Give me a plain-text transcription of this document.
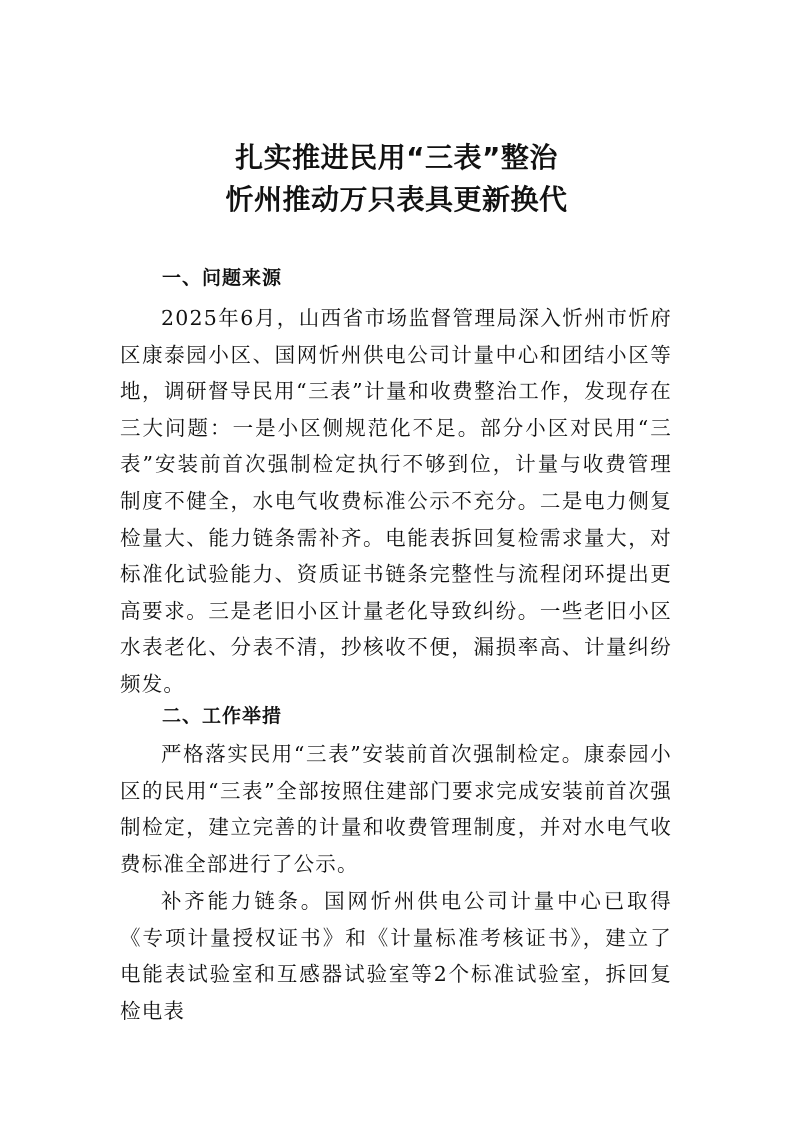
扎实推进民用“三表”整治
忻州推动万只表具更新换代
一、问题来源

2025年6月，山西省市场监督管理局深入忻州市忻府区康泰园小区、国网忻州供电公司计量中心和团结小区等地，调研督导民用“三表”计量和收费整治工作，发现存在三大问题：一是小区侧规范化不足。部分小区对民用“三表”安装前首次强制检定执行不够到位，计量与收费管理制度不健全，水电气收费标准公示不充分。二是电力侧复检量大、能力链条需补齐。电能表拆回复检需求量大，对标准化试验能力、资质证书链条完整性与流程闭环提出更高要求。三是老旧小区计量老化导致纠纷。一些老旧小区水表老化、分表不清，抄核收不便，漏损率高、计量纠纷频发。

二、工作举措

严格落实民用“三表”安装前首次强制检定。康泰园小区的民用“三表”全部按照住建部门要求完成安装前首次强制检定，建立完善的计量和收费管理制度，并对水电气收费标准全部进行了公示。

补齐能力链条。国网忻州供电公司计量中心已取得《专项计量授权证书》和《计量标准考核证书》，建立了电能表试验室和互感器试验室等2个标准试验室，拆回复检电表
